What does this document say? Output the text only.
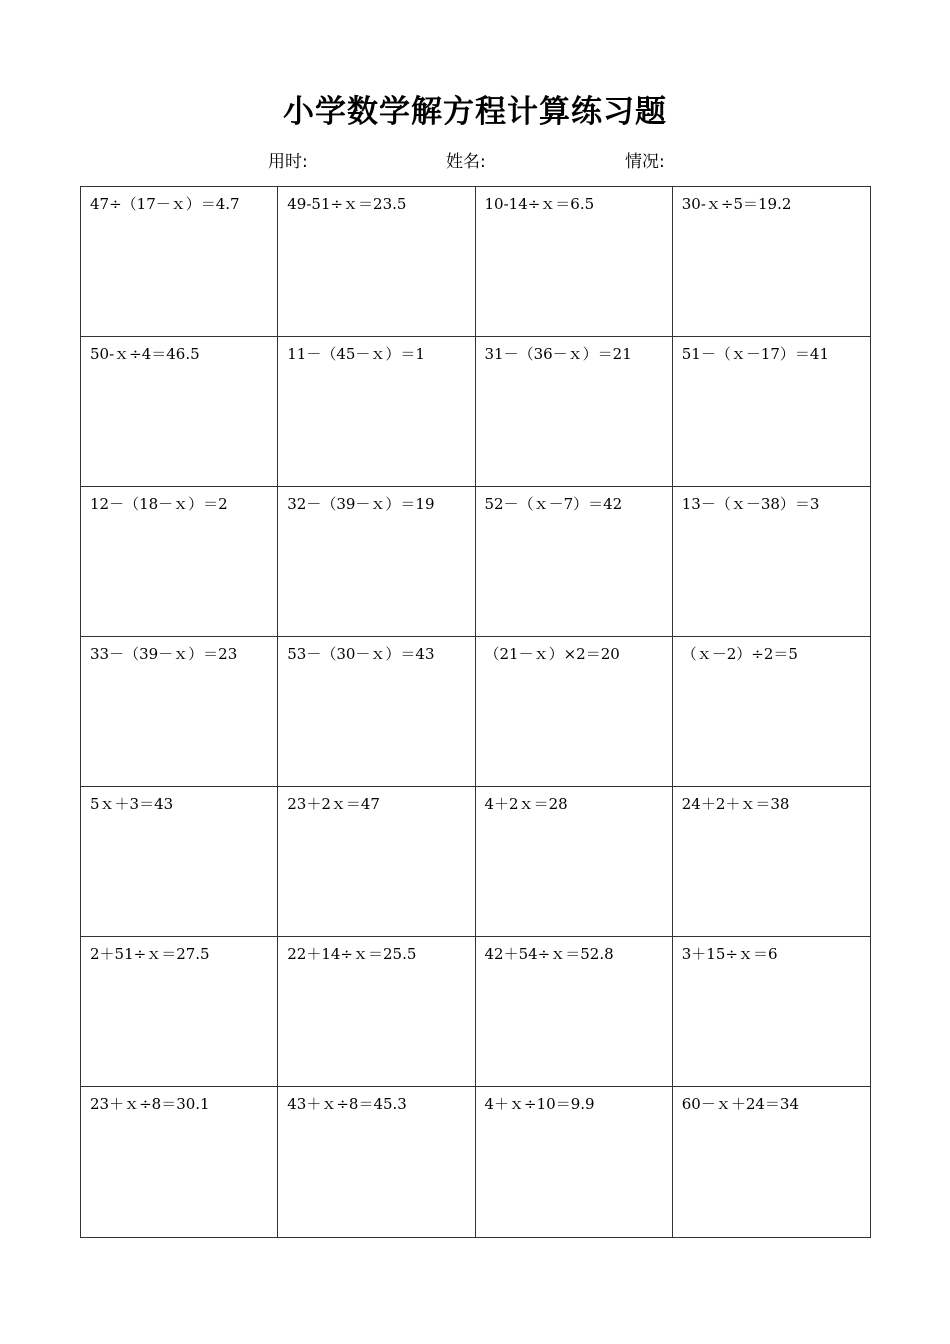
小学数学解方程计算练习题
用时:	姓名:	情况:
47÷（17－ｘ）＝4.7	49-51÷ｘ＝23.5	10-14÷ｘ＝6.5	30-ｘ÷5＝19.2
50-ｘ÷4＝46.5	11－（45－ｘ）＝1	31－（36－ｘ）＝21	51－（ｘ－17）＝41
12－（18－ｘ）＝2	32－（39－ｘ）＝19	52－（ｘ－7）＝42	13－（ｘ－38）＝3
33－（39－ｘ）＝23	53－（30－ｘ）＝43	（21－ｘ）×2＝20	（ｘ－2）÷2＝5
5ｘ＋3＝43	23＋2ｘ＝47	4＋2ｘ＝28	24＋2＋ｘ＝38
2＋51÷ｘ＝27.5	22＋14÷ｘ＝25.5	42＋54÷ｘ＝52.8	3＋15÷ｘ＝6
23＋ｘ÷8＝30.1	43＋ｘ÷8＝45.3	4＋ｘ÷10＝9.9	60－ｘ＋24＝34
